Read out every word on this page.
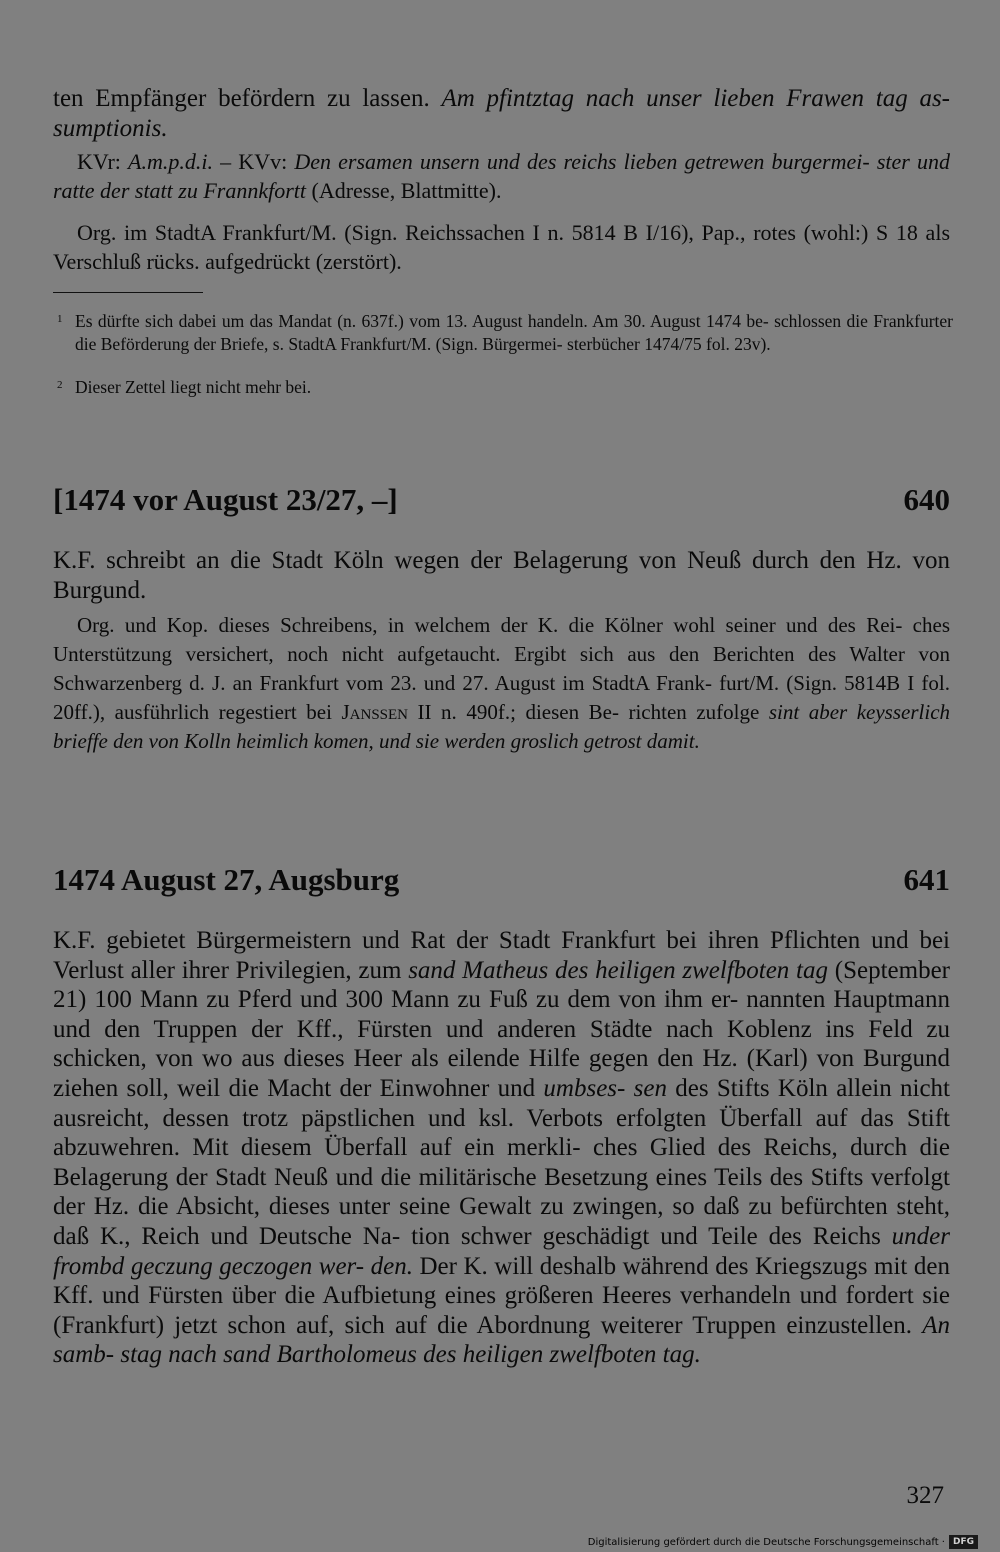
ten Empfänger befördern zu lassen. Am pfintztag nach unser lieben Frawen tag as- sumptionis.

KVr: A.m.p.d.i. – KVv: Den ersamen unsern und des reichs lieben getrewen burgermei- ster und ratte der statt zu Frannkfortt (Adresse, Blattmitte).

Org. im StadtA Frankfurt/M. (Sign. Reichssachen I n. 5814 B I/16), Pap., rotes (wohl:) S 18 als Verschluß rücks. aufgedrückt (zerstört).

1 Es dürfte sich dabei um das Mandat (n. 637f.) vom 13. August handeln. Am 30. August 1474 be- schlossen die Frankfurter die Beförderung der Briefe, s. StadtA Frankfurt/M. (Sign. Bürgermei- sterbücher 1474/75 fol. 23v).
2 Dieser Zettel liegt nicht mehr bei.
[1474 vor August 23/27, –]	640

K.F. schreibt an die Stadt Köln wegen der Belagerung von Neuß durch den Hz. von Burgund.

Org. und Kop. dieses Schreibens, in welchem der K. die Kölner wohl seiner und des Rei- ches Unterstützung versichert, noch nicht aufgetaucht. Ergibt sich aus den Berichten des Walter von Schwarzenberg d. J. an Frankfurt vom 23. und 27. August im StadtA Frank- furt/M. (Sign. 5814B I fol. 20ff.), ausführlich regestiert bei Janssen II n. 490f.; diesen Be- richten zufolge sint aber keysserlich brieffe den von Kolln heimlich komen, und sie werden groslich getrost damit.

1474 August 27, Augsburg	641

K.F. gebietet Bürgermeistern und Rat der Stadt Frankfurt bei ihren Pflichten und bei Verlust aller ihrer Privilegien, zum sand Matheus des heiligen zwelfboten tag (September 21) 100 Mann zu Pferd und 300 Mann zu Fuß zu dem von ihm er- nannten Hauptmann und den Truppen der Kff., Fürsten und anderen Städte nach Koblenz ins Feld zu schicken, von wo aus dieses Heer als eilende Hilfe gegen den Hz. (Karl) von Burgund ziehen soll, weil die Macht der Einwohner und umbses- sen des Stifts Köln allein nicht ausreicht, dessen trotz päpstlichen und ksl. Verbots erfolgten Überfall auf das Stift abzuwehren. Mit diesem Überfall auf ein merkli- ches Glied des Reichs, durch die Belagerung der Stadt Neuß und die militärische Besetzung eines Teils des Stifts verfolgt der Hz. die Absicht, dieses unter seine Gewalt zu zwingen, so daß zu befürchten steht, daß K., Reich und Deutsche Na- tion schwer geschädigt und Teile des Reichs under frombd geczung geczogen wer- den. Der K. will deshalb während des Kriegszugs mit den Kff. und Fürsten über die Aufbietung eines größeren Heeres verhandeln und fordert sie (Frankfurt) jetzt schon auf, sich auf die Abordnung weiterer Truppen einzustellen. An samb- stag nach sand Bartholomeus des heiligen zwelfboten tag.

327
Digitalisierung gefördert durch die Deutsche Forschungsgemeinschaft · DFG
